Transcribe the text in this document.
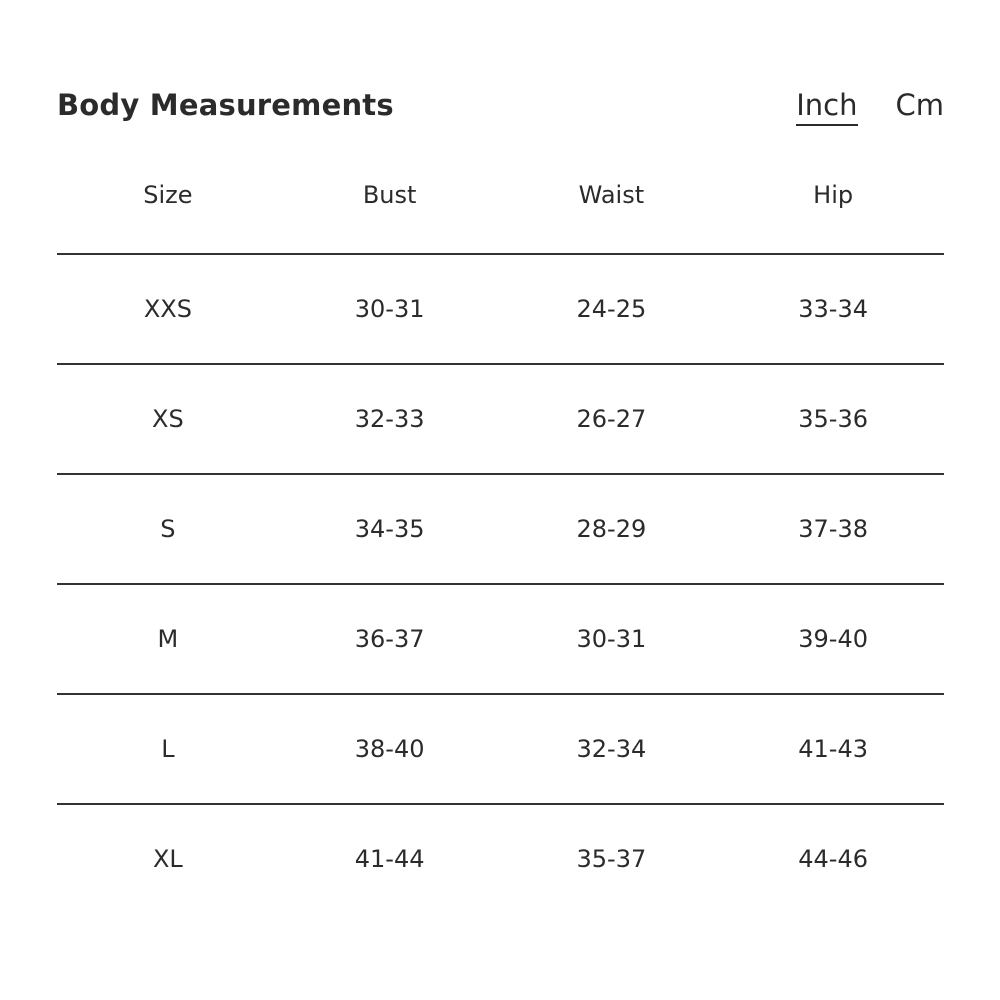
Body Measurements	Inch Cm
Size	Bust	Waist	Hip
XXS	30-31	24-25	33-34
XS	32-33	26-27	35-36
S	34-35	28-29	37-38
M	36-37	30-31	39-40
L	38-40	32-34	41-43
XL	41-44	35-37	44-46
